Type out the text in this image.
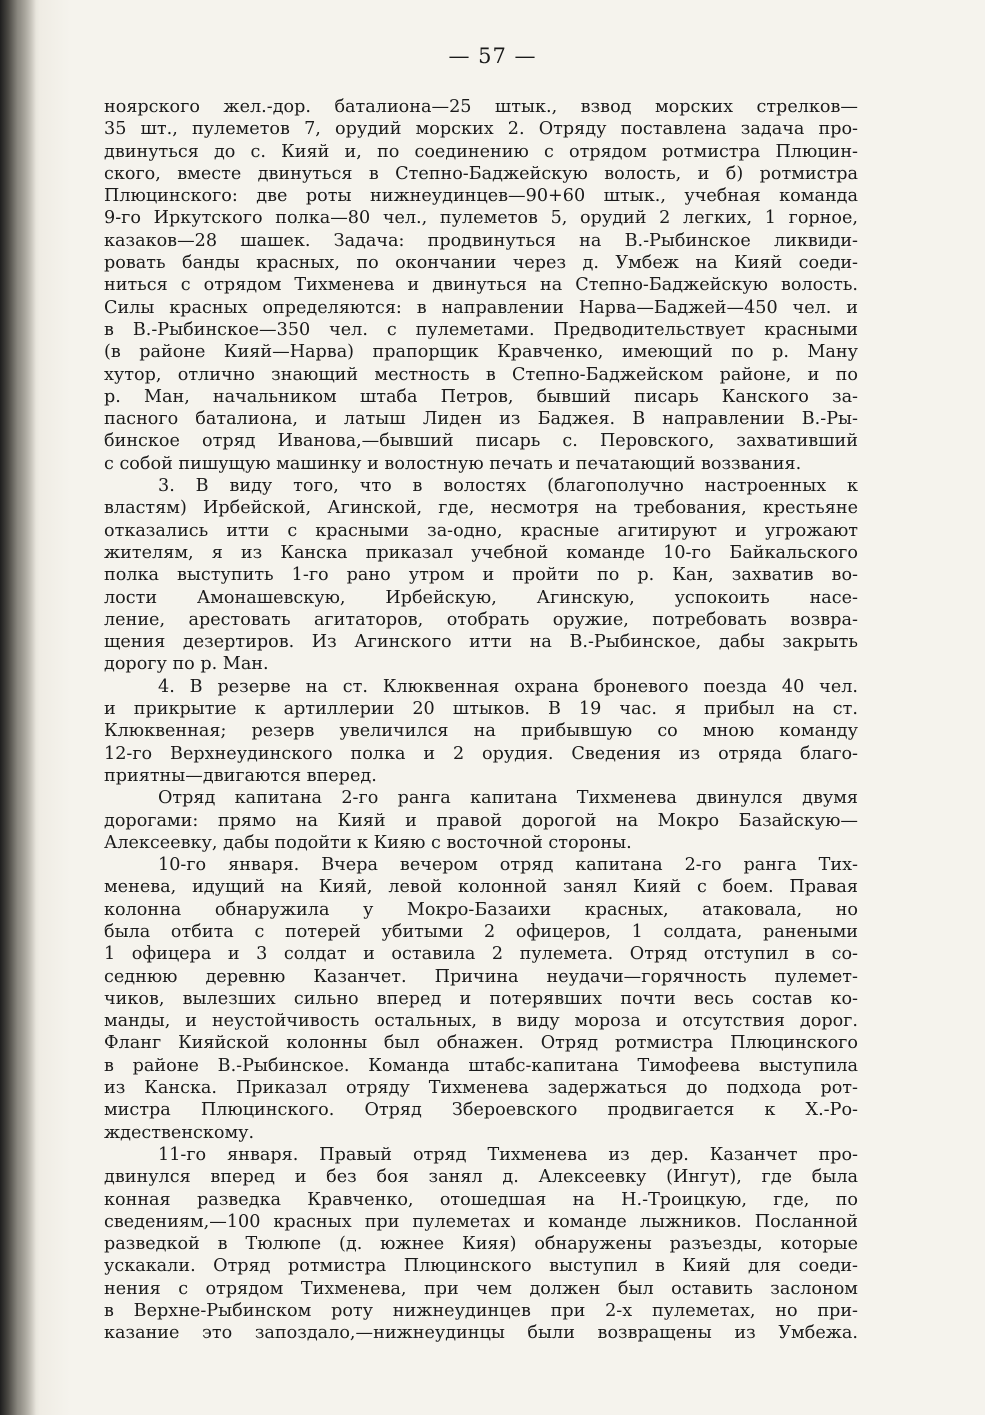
— 57 —
ноярского жел.-дор. баталиона—25 штык., взвод морских стрелков—
35 шт., пулеметов 7, орудий морских 2. Отряду поставлена задача про-
двинуться до с. Кияй и, по соединению с отрядом ротмистра Плюцин-
ского, вместе двинуться в Степно-Баджейскую волость, и б) ротмистра
Плюцинского: две роты нижнеудинцев—90+60 штык., учебная команда
9-го Иркутского полка—80 чел., пулеметов 5, орудий 2 легких, 1 горное,
казаков—28 шашек. Задача: продвинуться на В.-Рыбинское ликвиди-
ровать банды красных, по окончании через д. Умбеж на Кияй соеди-
ниться с отрядом Тихменева и двинуться на Степно-Баджейскую волость.
Силы красных определяются: в направлении Нарва—Баджей—450 чел. и
в В.-Рыбинское—350 чел. с пулеметами. Предводительствует красными
(в районе Кияй—Нарва) прапорщик Кравченко, имеющий по р. Ману
хутор, отлично знающий местность в Степно-Баджейском районе, и по
р. Ман, начальником штаба Петров, бывший писарь Канского за-
пасного баталиона, и латыш Лиден из Баджея. В направлении В.-Ры-
бинское отряд Иванова,—бывший писарь с. Перовского, захвативший
с собой пишущую машинку и волостную печать и печатающий воззвания.
3. В виду того, что в волостях (благополучно настроенных к
властям) Ирбейской, Агинской, где, несмотря на требования, крестьяне
отказались итти с красными за-одно, красные агитируют и угрожают
жителям, я из Канска приказал учебной команде 10-го Байкальского
полка выступить 1-го рано утром и пройти по р. Кан, захватив во-
лости Амонашевскую, Ирбейскую, Агинскую, успокоить насе-
ление, арестовать агитаторов, отобрать оружие, потребовать возвра-
щения дезертиров. Из Агинского итти на В.-Рыбинское, дабы закрыть
дорогу по р. Ман.
4. В резерве на ст. Клюквенная охрана броневого поезда 40 чел.
и прикрытие к артиллерии 20 штыков. В 19 час. я прибыл на ст.
Клюквенная; резерв увеличился на прибывшую со мною команду
12-го Верхнеудинского полка и 2 орудия. Сведения из отряда благо-
приятны—двигаются вперед.
Отряд капитана 2-го ранга капитана Тихменева двинулся двумя
дорогами: прямо на Кияй и правой дорогой на Мокро Базайскую—
Алексеевку, дабы подойти к Кияю с восточной стороны.
10-го января. Вчера вечером отряд капитана 2-го ранга Тих-
менева, идущий на Кияй, левой колонной занял Кияй с боем. Правая
колонна обнаружила у Мокро-Базаихи красных, атаковала, но
была отбита с потерей убитыми 2 офицеров, 1 солдата, ранеными
1 офицера и 3 солдат и оставила 2 пулемета. Отряд отступил в со-
седнюю деревню Казанчет. Причина неудачи—горячность пулемет-
чиков, вылезших сильно вперед и потерявших почти весь состав ко-
манды, и неустойчивость остальных, в виду мороза и отсутствия дорог.
Фланг Кияйской колонны был обнажен. Отряд ротмистра Плюцинского
в районе В.-Рыбинское. Команда штабс-капитана Тимофеева выступила
из Канска. Приказал отряду Тихменева задержаться до подхода рот-
мистра Плюцинского. Отряд Збероевского продвигается к Х.-Ро-
ждественскому.
11-го января. Правый отряд Тихменева из дер. Казанчет про-
двинулся вперед и без боя занял д. Алексеевку (Ингут), где была
конная разведка Кравченко, отошедшая на Н.-Троицкую, где, по
сведениям,—100 красных при пулеметах и команде лыжников. Посланной
разведкой в Тюлюпе (д. южнее Кияя) обнаружены разъезды, которые
ускакали. Отряд ротмистра Плюцинского выступил в Кияй для соеди-
нения с отрядом Тихменева, при чем должен был оставить заслоном
в Верхне-Рыбинском роту нижнеудинцев при 2-х пулеметах, но при-
казание это запоздало,—нижнеудинцы были возвращены из Умбежа.
